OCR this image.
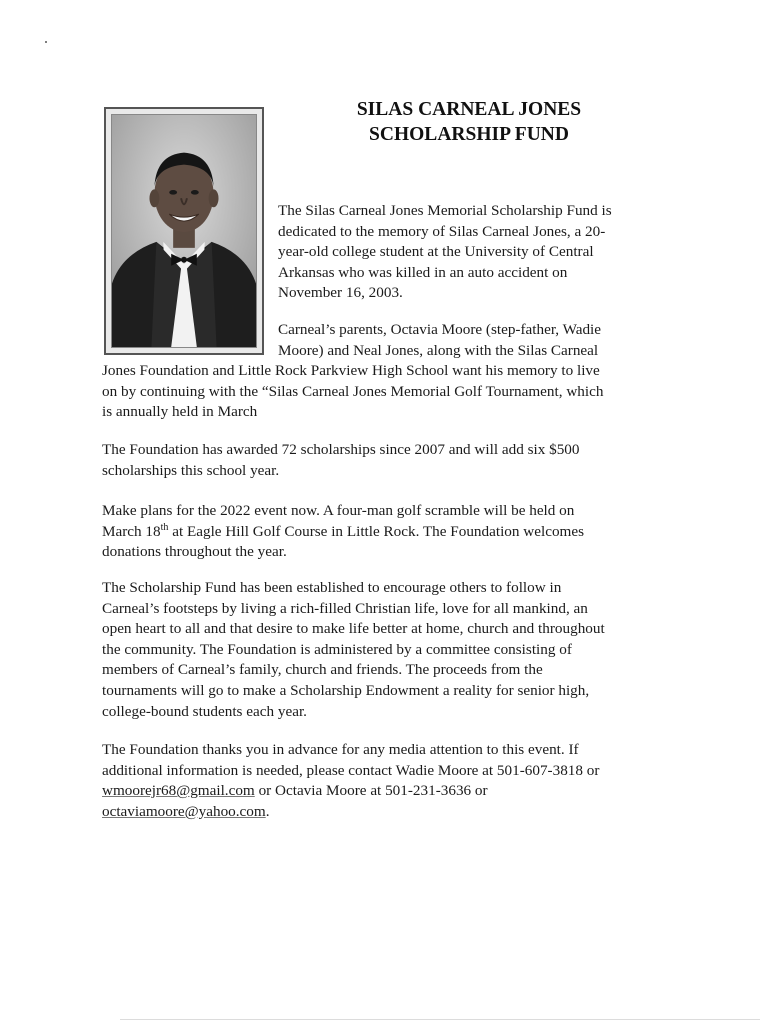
SILAS CARNEAL JONES
SCHOLARSHIP FUND

The Silas Carneal Jones Memorial Scholarship Fund is
dedicated to the memory of Silas Carneal Jones, a 20-
year-old college student at the University of Central
Arkansas who was killed in an auto accident on
November 16, 2003.

Carneal’s parents, Octavia Moore (step-father, Wadie
Moore) and Neal Jones, along with the Silas Carneal

Jones Foundation and Little Rock Parkview High School want his memory to live
on by continuing with the “Silas Carneal Jones Memorial Golf Tournament, which
is annually held in March

The Foundation has awarded 72 scholarships since 2007 and will add six $500
scholarships this school year.

Make plans for the 2022 event now. A four-man golf scramble will be held on
March 18th at Eagle Hill Golf Course in Little Rock. The Foundation welcomes
donations throughout the year.

The Scholarship Fund has been established to encourage others to follow in
Carneal’s footsteps by living a rich-filled Christian life, love for all mankind, an
open heart to all and that desire to make life better at home, church and throughout
the community. The Foundation is administered by a committee consisting of
members of Carneal’s family, church and friends. The proceeds from the
tournaments will go to make a Scholarship Endowment a reality for senior high,
college-bound students each year.

The Foundation thanks you in advance for any media attention to this event. If
additional information is needed, please contact Wadie Moore at 501-607-3818 or
wmoorejr68@gmail.com or Octavia Moore at 501-231-3636 or
octaviamoore@yahoo.com.
